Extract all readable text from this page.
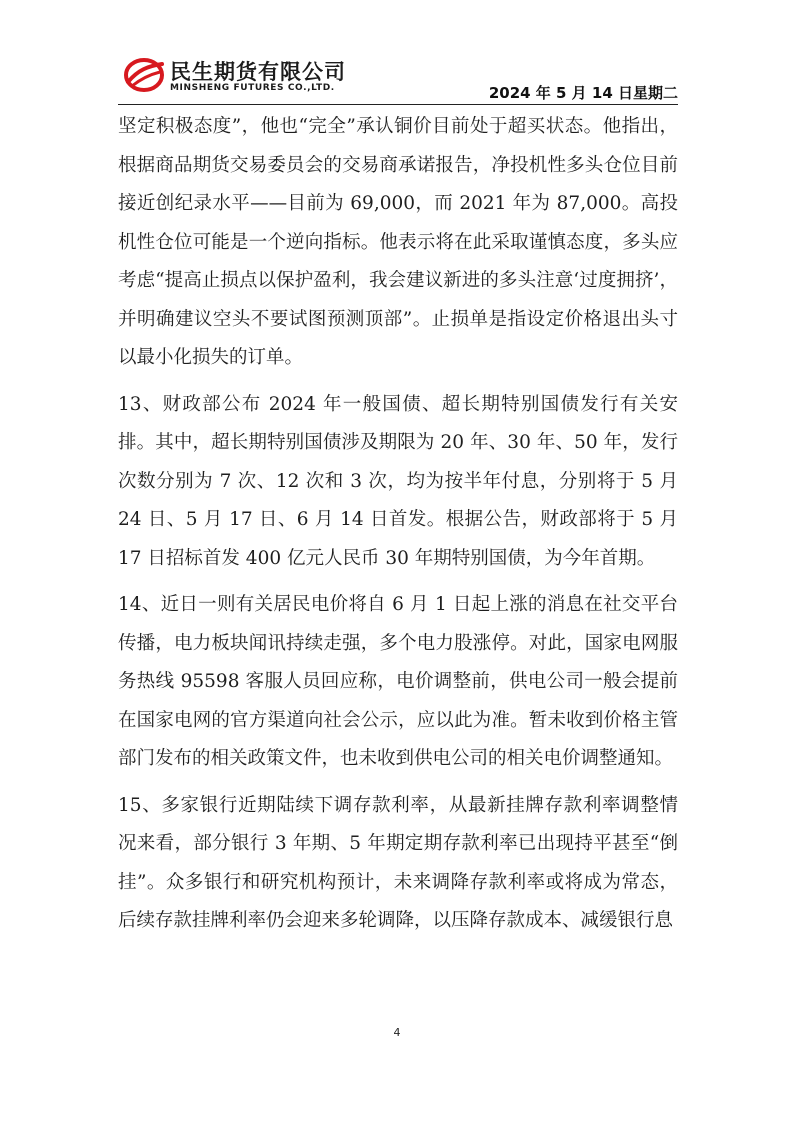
民生期货有限公司
MINSHENG FUTURES CO.,LTD.	2024 年 5 月 14 日星期二

坚定积极态度”，他也“完全”承认铜价目前处于超买状态。他指出，根据商品期货交易委员会的交易商承诺报告，净投机性多头仓位目前接近创纪录水平——目前为 69,000，而 2021 年为 87,000。高投机性仓位可能是一个逆向指标。他表示将在此采取谨慎态度，多头应考虑“提高止损点以保护盈利，我会建议新进的多头注意‘过度拥挤’，并明确建议空头不要试图预测顶部”。止损单是指设定价格退出头寸以最小化损失的订单。

13、财政部公布 2024 年一般国债、超长期特别国债发行有关安排。其中，超长期特别国债涉及期限为 20 年、30 年、50 年，发行次数分别为 7 次、12 次和 3 次，均为按半年付息，分别将于 5 月 24 日、5 月 17 日、6 月 14 日首发。根据公告，财政部将于 5 月 17 日招标首发 400 亿元人民币 30 年期特别国债，为今年首期。

14、近日一则有关居民电价将自 6 月 1 日起上涨的消息在社交平台传播，电力板块闻讯持续走强，多个电力股涨停。对此，国家电网服务热线 95598 客服人员回应称，电价调整前，供电公司一般会提前在国家电网的官方渠道向社会公示，应以此为准。暂未收到价格主管部门发布的相关政策文件，也未收到供电公司的相关电价调整通知。

15、多家银行近期陆续下调存款利率，从最新挂牌存款利率调整情况来看，部分银行 3 年期、5 年期定期存款利率已出现持平甚至“倒挂”。众多银行和研究机构预计，未来调降存款利率或将成为常态，后续存款挂牌利率仍会迎来多轮调降，以压降存款成本、减缓银行息

4
